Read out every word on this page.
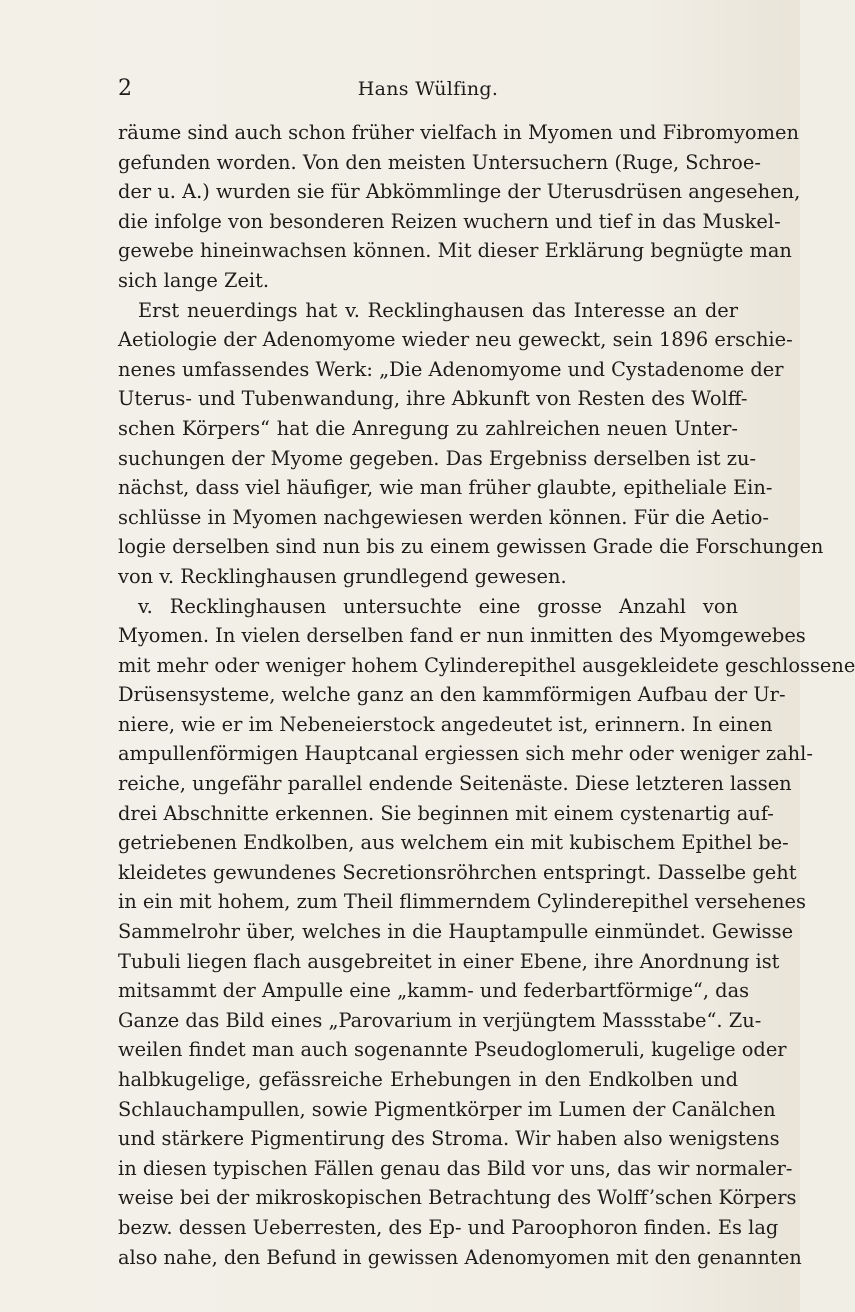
2	Hans Wülfing.
räume sind auch schon früher vielfach in Myomen und Fibromyomen
gefunden worden. Von den meisten Untersuchern (Ruge, Schroe-
der u. A.) wurden sie für Abkömmlinge der Uterusdrüsen angesehen,
die infolge von besonderen Reizen wuchern und tief in das Muskel-
gewebe hineinwachsen können. Mit dieser Erklärung begnügte man
sich lange Zeit.
Erst neuerdings hat v. Recklinghausen das Interesse an der
Aetiologie der Adenomyome wieder neu geweckt, sein 1896 erschie-
nenes umfassendes Werk: „Die Adenomyome und Cystadenome der
Uterus- und Tubenwandung, ihre Abkunft von Resten des Wolff-
schen Körpers“ hat die Anregung zu zahlreichen neuen Unter-
suchungen der Myome gegeben. Das Ergebniss derselben ist zu-
nächst, dass viel häufiger, wie man früher glaubte, epitheliale Ein-
schlüsse in Myomen nachgewiesen werden können. Für die Aetio-
logie derselben sind nun bis zu einem gewissen Grade die Forschungen
von v. Recklinghausen grundlegend gewesen.
v. Recklinghausen untersuchte eine grosse Anzahl von
Myomen. In vielen derselben fand er nun inmitten des Myomgewebes
mit mehr oder weniger hohem Cylinderepithel ausgekleidete geschlossene
Drüsensysteme, welche ganz an den kammförmigen Aufbau der Ur-
niere, wie er im Nebeneierstock angedeutet ist, erinnern. In einen
ampullenförmigen Hauptcanal ergiessen sich mehr oder weniger zahl-
reiche, ungefähr parallel endende Seitenäste. Diese letzteren lassen
drei Abschnitte erkennen. Sie beginnen mit einem cystenartig auf-
getriebenen Endkolben, aus welchem ein mit kubischem Epithel be-
kleidetes gewundenes Secretionsröhrchen entspringt. Dasselbe geht
in ein mit hohem, zum Theil flimmerndem Cylinderepithel versehenes
Sammelrohr über, welches in die Hauptampulle einmündet. Gewisse
Tubuli liegen flach ausgebreitet in einer Ebene, ihre Anordnung ist
mitsammt der Ampulle eine „kamm- und federbartförmige“, das
Ganze das Bild eines „Parovarium in verjüngtem Massstabe“. Zu-
weilen findet man auch sogenannte Pseudoglomeruli, kugelige oder
halbkugelige, gefässreiche Erhebungen in den Endkolben und
Schlauchampullen, sowie Pigmentkörper im Lumen der Canälchen
und stärkere Pigmentirung des Stroma. Wir haben also wenigstens
in diesen typischen Fällen genau das Bild vor uns, das wir normaler-
weise bei der mikroskopischen Betrachtung des Wolff’schen Körpers
bezw. dessen Ueberresten, des Ep- und Paroophoron finden. Es lag
also nahe, den Befund in gewissen Adenomyomen mit den genannten
